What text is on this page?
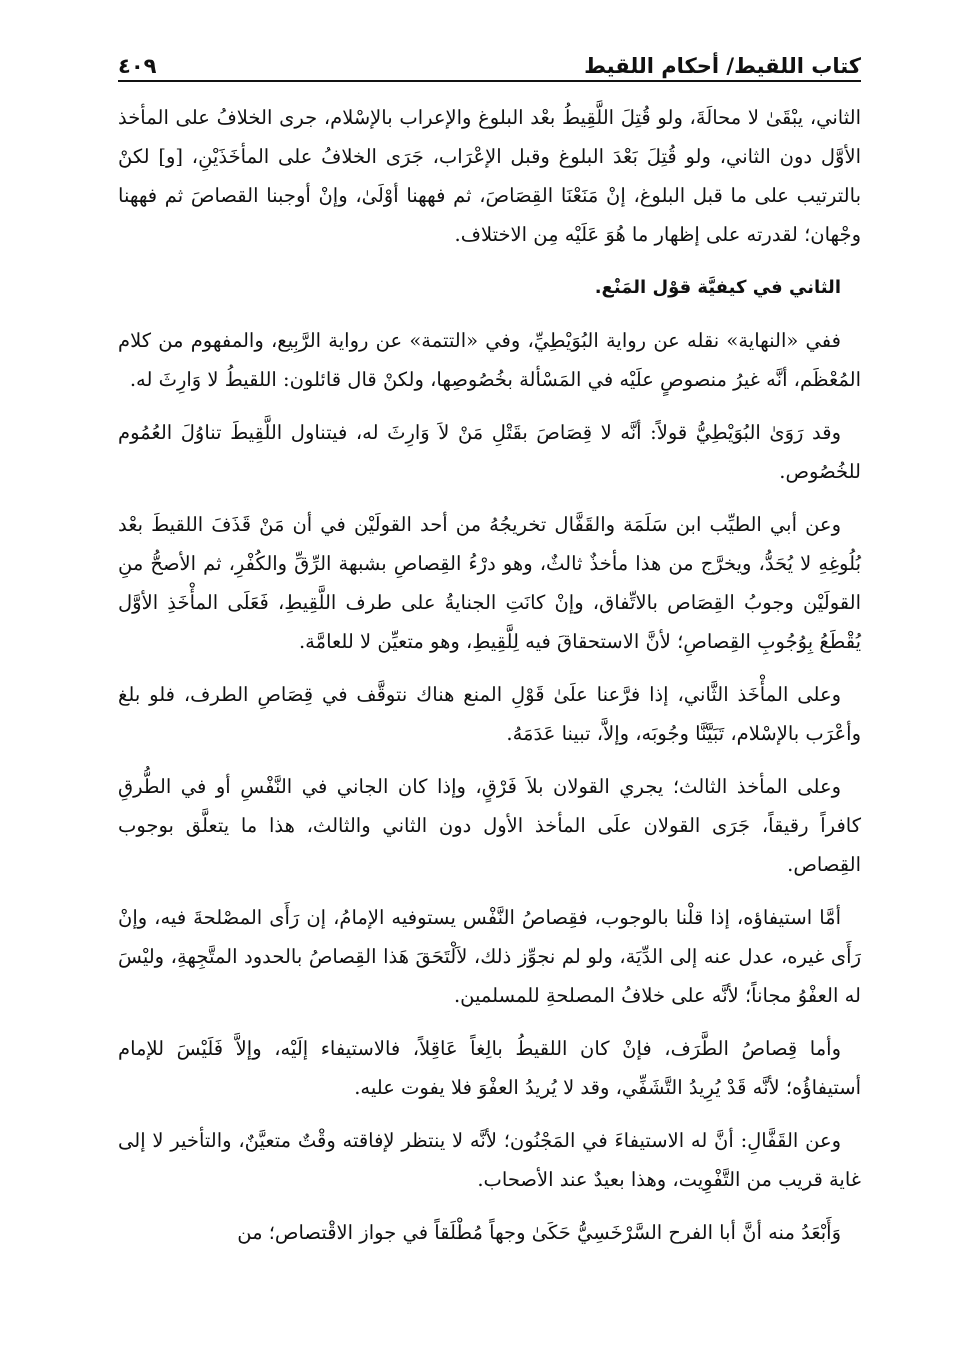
كتاب اللقيط/ أحكام اللقيط
٤٠٩

الثاني، يبْقَىٰ لا محالَةَ، ولو قُتِلَ اللَّقِيطُ بعْد البلوغ والإعراب بالإسْلام، جرى الخلافُ على المأخذ الأوَّل دون الثاني، ولو قُتِلَ بَعْدَ البلوغ وقبل الإعْرَاب، جَرَى الخلافُ على المأخَذَيْنِ، [و] لكنْ بالترتيب على ما قبل البلوغ، إنْ مَنَعْنَا القِصَاصَ، ثم فههنا أوْلَىٰ، وإنْ أوجبنا القصاصَ ثم فههنا وجْهان؛ لقدرته على إظهار ما هُوَ عَلَيْه مِن الاختلاف.

الثاني في كيفيَّة قوْل المَنْع.

ففي «النهاية» نقله عن رواية البُوَيْطِيِّ، وفي «التتمة» عن رواية الرَّبِيع، والمفهوم من كلام المُعْظَم، أنَّه غيرُ منصوصٍ علَيْه في المَسْألة بخُصُوصِها، ولكنْ قال قائلون: اللقيطُ لا وَارِثَ له.

وقد رَوَىٰ البُوَيْطِيُّ قولاً: أنَّه لا قِصَاصَ بقَتْلِ مَنْ لاَ وَارِثَ له، فيتناول اللَّقِيطَ تناوُلَ العُمُوم للخُصُوص.

وعن أبي الطيِّب ابن سَلَمَة والقَفَّال تخريجُهُ من أحد القولَيْن في أن مَنْ قَذَفَ اللقيطَ بعْد بُلُوغِهِ لا يُحَدُّ، ويخرَّج من هذا مأخذٌ ثالثٌ، وهو درْءُ القِصاصِ بشبهة الرِّقِّ والكُفْرِ، ثم الأصحُّ منِ القولَيْن وجوبُ القِصَاص بالاتِّفاق، وإنْ كانَتِ الجنايةُ على طرف اللَّقِيطِ، فَعَلَى المأْخَذِ الأوَّل يُقْطَعُ بِوُجُوبِ القِصاصِ؛ لأنَّ الاستحقاقَ فيه لِلَّقِيطِ، وهو متعيِّن لا للعامَّة.

وعلى المأْخَذ الثَّاني، إذا فرَّعنا علَىٰ قَوْلِ المنع هناك نتوقَّف في قِصَاصِ الطرف، فلو بلغ وأعْرَب بالإسْلام، تَبَيَّنَّا وجُوبَه، وإلاَّ، تبينا عَدَمَهُ.

وعلى المأخذ الثالث؛ يجري القولان بلاَ فَرْقٍ، وإذا كان الجاني في النَّفْسِ أو في الطُّرقِ كافراً رقيقاً، جَرَى القولان علَى المأخذ الأول دون الثاني والثالث، هذا ما يتعلَّق بوجوب القِصاص.

أمَّا استيفاؤه، إذا قلْنا بالوجوب، فقِصاصُ النَّفْس يستوفيه الإمامُ، إن رَأَى المصْلحةَ فيه، وإنْ رَأَى غيره، عدل عنه إلى الدِّيَة، ولو لم نجوِّز ذلك، لاَلْتَحَقَ هَذا القِصاصُ بالحدود المتَّجِهةِ، وليْسَ له العفْوُ مجاناً؛ لأنَّه على خلافُ المصلحةِ للمسلمين.

وأما قِصاصُ الطَّرَف، فإنْ كان اللقيطُ بالِغاً عَاقِلاً، فالاستيفاء إلَيْه، وإلاَّ فَلَيْسَ للإمام أستيفاؤُه؛ لأنَّه قَدْ يُرِيدُ التَّشَفِّي، وقد لا يُريدُ العفْوَ فلا يفوت عليه.

وعن القَفَّالِ: أنَّ له الاستيفاءَ في المَجْنُون؛ لأنَّه لا ينتظر لإفاقته وقْتٌ متعيَّنٌ، والتأخير لا إلى غاية قريب من التَّفْوِيت، وهذا بعيدٌ عند الأصحاب.

وَأَبْعَدُ منه أنَّ أبا الفرح السَّرْخَسِيُّ حَكَىٰ وجهاً مُطْلَقاً في جواز الاقْتصاص؛ من
